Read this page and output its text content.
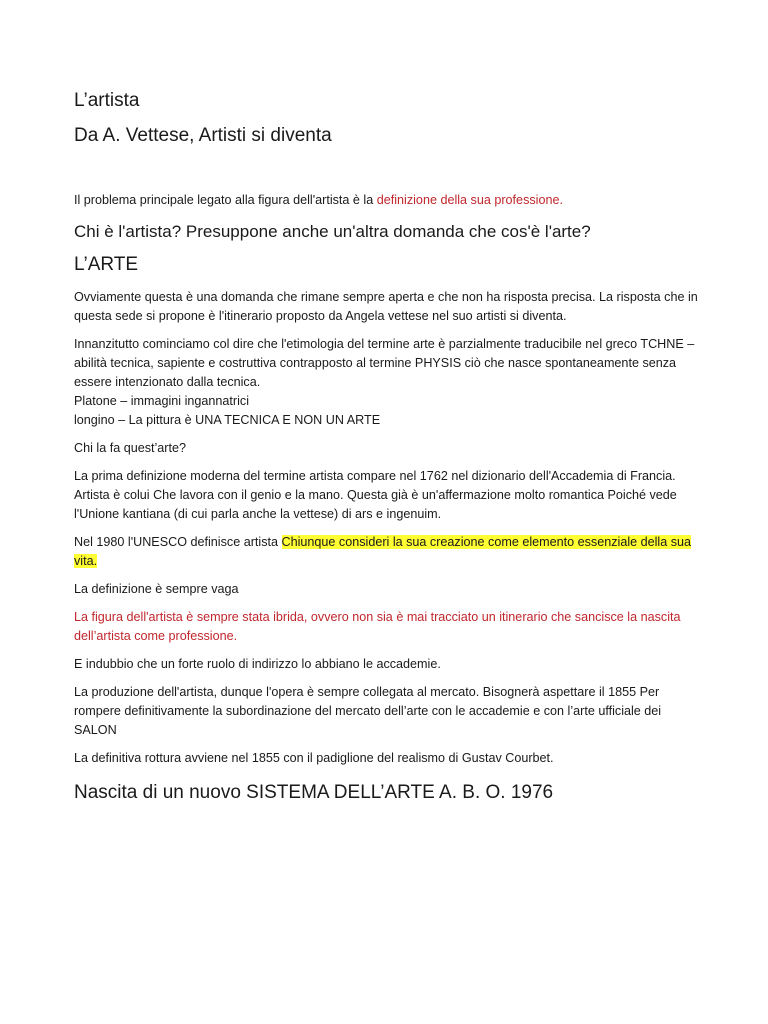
L’artista
Da A. Vettese, Artisti si diventa

Il problema principale legato alla figura dell'artista è la definizione della sua professione.

Chi è l'artista? Presuppone anche un'altra domanda che cos'è l'arte?
L’ARTE

Ovviamente questa è una domanda che rimane sempre aperta e che non ha risposta precisa. La risposta che in questa sede si propone è l'itinerario proposto da Angela vettese nel suo artisti si diventa.

Innanzitutto cominciamo col dire che l'etimologia del termine arte è parzialmente traducibile nel greco TCHNE – abilità tecnica, sapiente e costruttiva contrapposto al termine PHYSIS ciò che nasce spontaneamente senza essere intenzionato dalla tecnica.
Platone – immagini ingannatrici
longino – La pittura è UNA TECNICA E NON UN ARTE

Chi la fa quest’arte?

La prima definizione moderna del termine artista compare nel 1762 nel dizionario dell'Accademia di Francia. Artista è colui Che lavora con il genio e la mano. Questa già è un'affermazione molto romantica Poiché vede l'Unione kantiana (di cui parla anche la vettese) di ars e ingenuim.

Nel 1980 l'UNESCO definisce artista Chiunque consideri la sua creazione come elemento essenziale della sua vita.

La definizione è sempre vaga

La figura dell'artista è sempre stata ibrida, ovvero non sia è mai tracciato un itinerario che sancisce la nascita dell’artista come professione.

E indubbio che un forte ruolo di indirizzo lo abbiano le accademie.

La produzione dell'artista, dunque l'opera è sempre collegata al mercato. Bisognerà aspettare il 1855 Per rompere definitivamente la subordinazione del mercato dell’arte con le accademie e con l’arte ufficiale dei SALON

La definitiva rottura avviene nel 1855 con il padiglione del realismo di Gustav Courbet.

Nascita di un nuovo SISTEMA DELL’ARTE A. B. O. 1976
